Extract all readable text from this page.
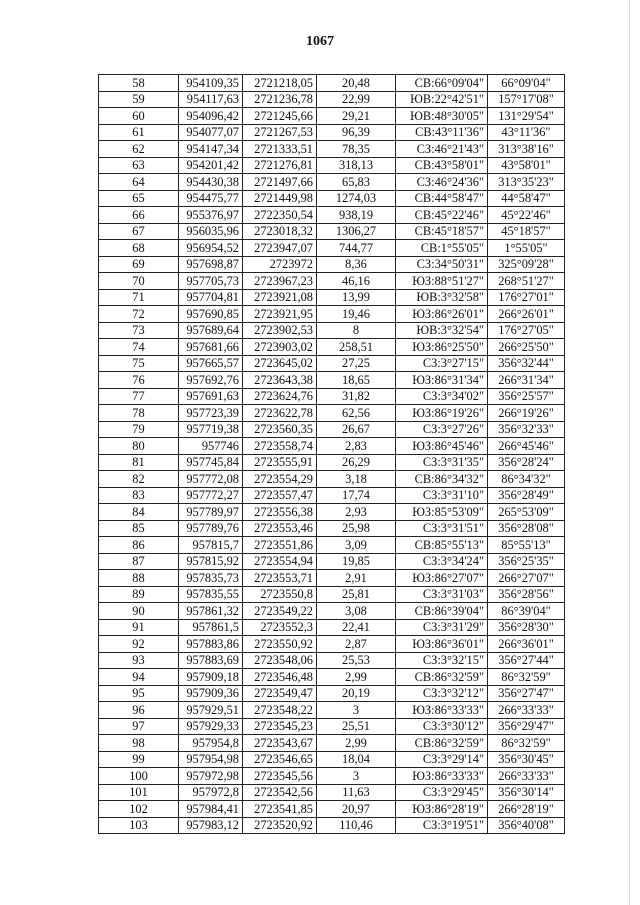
1067
58	954109,35	2721218,05	20,48	СВ:66°09'04"	66°09'04"
59	954117,63	2721236,78	22,99	ЮВ:22°42'51"	157°17'08"
60	954096,42	2721245,66	29,21	ЮВ:48°30'05"	131°29'54"
61	954077,07	2721267,53	96,39	СВ:43°11'36"	43°11'36"
62	954147,34	2721333,51	78,35	СЗ:46°21'43"	313°38'16"
63	954201,42	2721276,81	318,13	СВ:43°58'01"	43°58'01"
64	954430,38	2721497,66	65,83	СЗ:46°24'36"	313°35'23"
65	954475,77	2721449,98	1274,03	СВ:44°58'47"	44°58'47"
66	955376,97	2722350,54	938,19	СВ:45°22'46"	45°22'46"
67	956035,96	2723018,32	1306,27	СВ:45°18'57"	45°18'57"
68	956954,52	2723947,07	744,77	СВ:1°55'05"	1°55'05"
69	957698,87	2723972	8,36	СЗ:34°50'31"	325°09'28"
70	957705,73	2723967,23	46,16	ЮЗ:88°51'27"	268°51'27"
71	957704,81	2723921,08	13,99	ЮВ:3°32'58"	176°27'01"
72	957690,85	2723921,95	19,46	ЮЗ:86°26'01"	266°26'01"
73	957689,64	2723902,53	8	ЮВ:3°32'54"	176°27'05"
74	957681,66	2723903,02	258,51	ЮЗ:86°25'50"	266°25'50"
75	957665,57	2723645,02	27,25	СЗ:3°27'15"	356°32'44"
76	957692,76	2723643,38	18,65	ЮЗ:86°31'34"	266°31'34"
77	957691,63	2723624,76	31,82	СЗ:3°34'02"	356°25'57"
78	957723,39	2723622,78	62,56	ЮЗ:86°19'26"	266°19'26"
79	957719,38	2723560,35	26,67	СЗ:3°27'26"	356°32'33"
80	957746	2723558,74	2,83	ЮЗ:86°45'46"	266°45'46"
81	957745,84	2723555,91	26,29	СЗ:3°31'35"	356°28'24"
82	957772,08	2723554,29	3,18	СВ:86°34'32"	86°34'32"
83	957772,27	2723557,47	17,74	СЗ:3°31'10"	356°28'49"
84	957789,97	2723556,38	2,93	ЮЗ:85°53'09"	265°53'09"
85	957789,76	2723553,46	25,98	СЗ:3°31'51"	356°28'08"
86	957815,7	2723551,86	3,09	СВ:85°55'13"	85°55'13"
87	957815,92	2723554,94	19,85	СЗ:3°34'24"	356°25'35"
88	957835,73	2723553,71	2,91	ЮЗ:86°27'07"	266°27'07"
89	957835,55	2723550,8	25,81	СЗ:3°31'03"	356°28'56"
90	957861,32	2723549,22	3,08	СВ:86°39'04"	86°39'04"
91	957861,5	2723552,3	22,41	СЗ:3°31'29"	356°28'30"
92	957883,86	2723550,92	2,87	ЮЗ:86°36'01"	266°36'01"
93	957883,69	2723548,06	25,53	СЗ:3°32'15"	356°27'44"
94	957909,18	2723546,48	2,99	СВ:86°32'59"	86°32'59"
95	957909,36	2723549,47	20,19	СЗ:3°32'12"	356°27'47"
96	957929,51	2723548,22	3	ЮЗ:86°33'33"	266°33'33"
97	957929,33	2723545,23	25,51	СЗ:3°30'12"	356°29'47"
98	957954,8	2723543,67	2,99	СВ:86°32'59"	86°32'59"
99	957954,98	2723546,65	18,04	СЗ:3°29'14"	356°30'45"
100	957972,98	2723545,56	3	ЮЗ:86°33'33"	266°33'33"
101	957972,8	2723542,56	11,63	СЗ:3°29'45"	356°30'14"
102	957984,41	2723541,85	20,97	ЮЗ:86°28'19"	266°28'19"
103	957983,12	2723520,92	110,46	СЗ:3°19'51"	356°40'08"
